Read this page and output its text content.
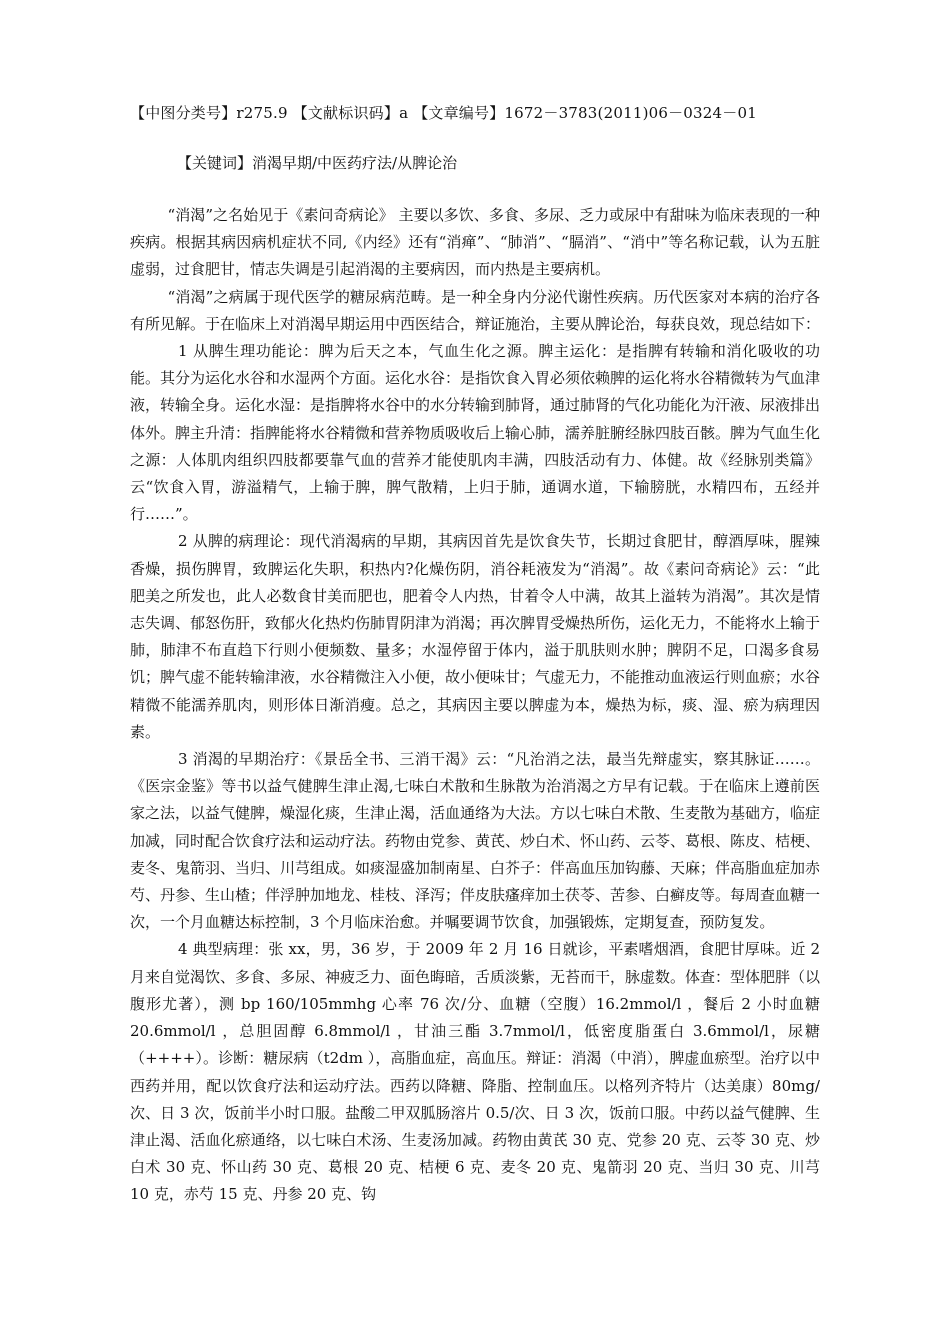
【中图分类号】r275.9 【文献标识码】a 【文章编号】1672－3783(2011)06－0324－01
【关键词】消渴早期/中医药疗法/从脾论治

“消渴”之名始见于《素问奇病论》 主要以多饮、多食、多尿、乏力或尿中有甜味为临床表现的一种疾病。根据其病因病机症状不同,《内经》还有“消瘅”、“肺消”、“膈消”、“消中”等名称记载，认为五脏虚弱，过食肥甘，情志失调是引起消渴的主要病因，而内热是主要病机。

“消渴”之病属于现代医学的糖尿病范畴。是一种全身内分泌代谢性疾病。历代医家对本病的治疗各有所见解。于在临床上对消渴早期运用中西医结合，辩证施治，主要从脾论治，每获良效，现总结如下：

1 从脾生理功能论：脾为后天之本，气血生化之源。脾主运化：是指脾有转输和消化吸收的功能。其分为运化水谷和水湿两个方面。运化水谷：是指饮食入胃必须依赖脾的运化将水谷精微转为气血津液，转输全身。运化水湿：是指脾将水谷中的水分转输到肺肾，通过肺肾的气化功能化为汗液、尿液排出体外。脾主升清：指脾能将水谷精微和营养物质吸收后上输心肺，濡养脏腑经脉四肢百骸。脾为气血生化之源：人体肌肉组织四肢都要靠气血的营养才能使肌肉丰满，四肢活动有力、体健。故《经脉别类篇》云“饮食入胃，游溢精气，上输于脾，脾气散精，上归于肺，通调水道，下输膀胱，水精四布，五经并行……”。

2 从脾的病理论：现代消渴病的早期，其病因首先是饮食失节，长期过食肥甘，醇酒厚味，腥辣香燥，损伤脾胃，致脾运化失职，积热内?化燥伤阴，消谷耗液发为“消渴”。故《素问奇病论》云：“此肥美之所发也，此人必数食甘美而肥也，肥着令人内热，甘着令人中满，故其上溢转为消渴”。其次是情志失调、郁怒伤肝，致郁火化热灼伤肺胃阴津为消渴；再次脾胃受燥热所伤，运化无力，不能将水上输于肺，肺津不布直趋下行则小便频数、量多；水湿停留于体内，溢于肌肤则水肿；脾阴不足，口渴多食易饥；脾气虚不能转输津液，水谷精微注入小便，故小便味甘；气虚无力，不能推动血液运行则血瘀；水谷精微不能濡养肌肉，则形体日渐消瘦。总之，其病因主要以脾虚为本，燥热为标，痰、湿、瘀为病理因素。

3 消渴的早期治疗：《景岳全书、三消干渴》云：“凡治消之法，最当先辩虚实，察其脉证……。《医宗金鉴》等书以益气健脾生津止渴,七味白术散和生脉散为治消渴之方早有记载。于在临床上遵前医家之法，以益气健脾，燥湿化痰，生津止渴，活血通络为大法。方以七味白术散、生麦散为基础方，临症加减，同时配合饮食疗法和运动疗法。药物由党参、黄芪、炒白术、怀山药、云苓、葛根、陈皮、桔梗、麦冬、鬼箭羽、当归、川芎组成。如痰湿盛加制南星、白芥子：伴高血压加钩藤、天麻；伴高脂血症加赤芍、丹参、生山楂；伴浮肿加地龙、桂枝、泽泻；伴皮肤瘙痒加土茯苓、苦参、白癣皮等。每周查血糖一次，一个月血糖达标控制，3 个月临床治愈。并嘱要调节饮食，加强锻炼，定期复查，预防复发。

4 典型病理：张 xx，男，36 岁，于 2009 年 2 月 16 日就诊，平素嗜烟酒，食肥甘厚味。近 2 月来自觉渴饮、多食、多尿、神疲乏力、面色晦暗，舌质淡紫，无苔而干，脉虚数。体查：型体肥胖（以腹形尤著），测 bp 160/105mmhg 心率 76 次/分、血糖（空腹）16.2mmol/l ，餐后 2 小时血糖 20.6mmol/l ，总胆固醇 6.8mmol/l ，甘油三酯 3.7mmol/l，低密度脂蛋白 3.6mmol/l，尿糖（++++）。诊断：糖尿病（t2dm ），高脂血症，高血压。辩证：消渴（中消），脾虚血瘀型。治疗以中西药并用，配以饮食疗法和运动疗法。西药以降糖、降脂、控制血压。以格列齐特片（达美康）80mg/次、日 3 次，饭前半小时口服。盐酸二甲双胍肠溶片 0.5/次、日 3 次，饭前口服。中药以益气健脾、生津止渴、活血化瘀通络，以七味白术汤、生麦汤加减。药物由黄芪 30 克、党参 20 克、云苓 30 克、炒白术 30 克、怀山药 30 克、葛根 20 克、桔梗 6 克、麦冬 20 克、鬼箭羽 20 克、当归 30 克、川芎 10 克，赤芍 15 克、丹参 20 克、钩
